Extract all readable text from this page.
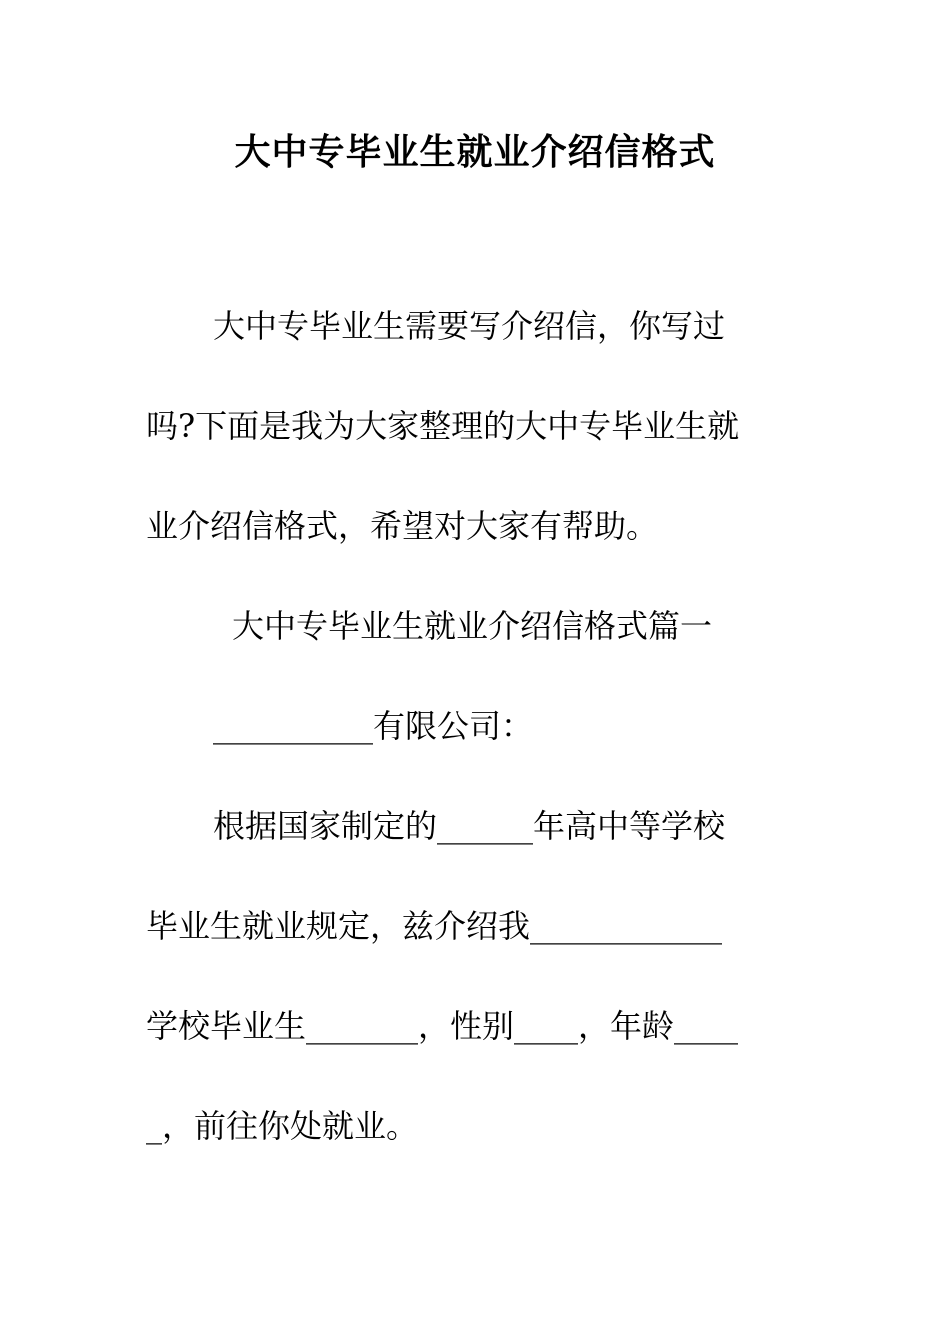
大中专毕业生就业介绍信格式
大中专毕业生需要写介绍信，你写过
吗?下面是我为大家整理的大中专毕业生就
业介绍信格式，希望对大家有帮助。
大中专毕业生就业介绍信格式篇一
__________有限公司：
根据国家制定的______年高中等学校
毕业生就业规定，兹介绍我____________
学校毕业生_______，性别____，年龄____
_，前往你处就业。
